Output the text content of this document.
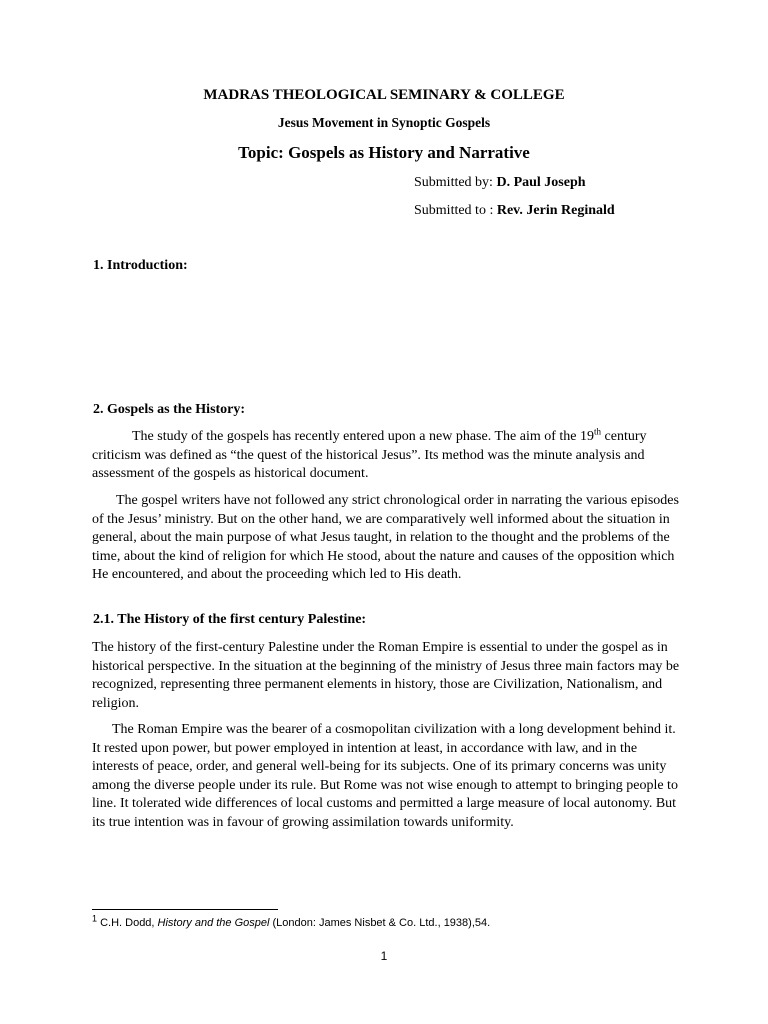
MADRAS THEOLOGICAL SEMINARY & COLLEGE
Jesus Movement in Synoptic Gospels
Topic: Gospels as History and Narrative
Submitted by: D. Paul Joseph
Submitted to : Rev. Jerin Reginald
1. Introduction:
2. Gospels as the History:

The study of the gospels has recently entered upon a new phase. The aim of the 19th century criticism was defined as “the quest of the historical Jesus”. Its method was the minute analysis and assessment of the gospels as historical document.

The gospel writers have not followed any strict chronological order in narrating the various episodes of the Jesus’ ministry. But on the other hand, we are comparatively well informed about the situation in general, about the main purpose of what Jesus taught, in relation to the thought and the problems of the time, about the kind of religion for which He stood, about the nature and causes of the opposition which He encountered, and about the proceeding which led to His death.

2.1. The History of the first century Palestine:

The history of the first-century Palestine under the Roman Empire is essential to under the gospel as in historical perspective. In the situation at the beginning of the ministry of Jesus three main factors may be recognized, representing three permanent elements in history, those are Civilization, Nationalism, and religion.

The Roman Empire was the bearer of a cosmopolitan civilization with a long development behind it. It rested upon power, but power employed in intention at least, in accordance with law, and in the interests of peace, order, and general well-being for its subjects. One of its primary concerns was unity among the diverse people under its rule. But Rome was not wise enough to attempt to bringing people to line. It tolerated wide differences of local customs and permitted a large measure of local autonomy. But its true intention was in favour of growing assimilation towards uniformity.

$^1$ C.H. Dodd, History and the Gospel (London: James Nisbet & Co. Ltd., 1938),54.
1
